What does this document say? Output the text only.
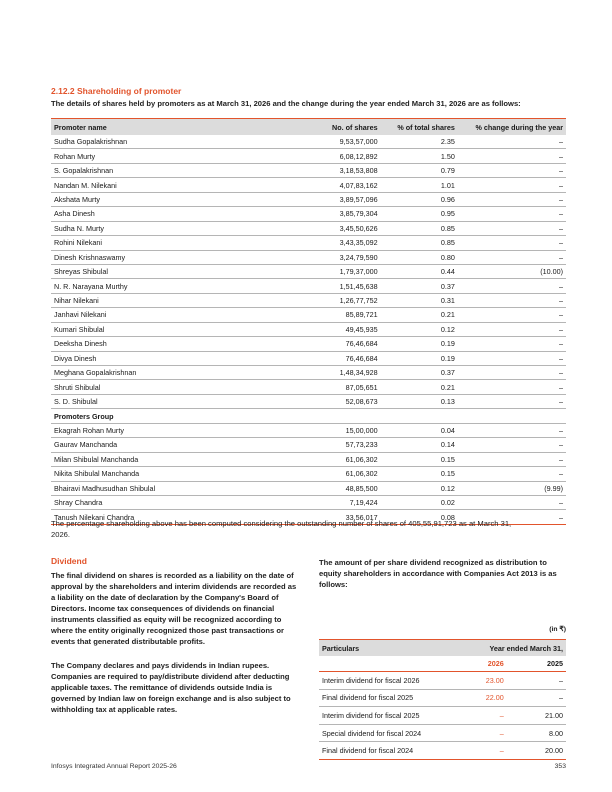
2.12.2 Shareholding of promoter
The details of shares held by promoters as at March 31, 2026 and the change during the year ended March 31, 2026 are as follows:
Promoter name	No. of shares	% of total shares	% change during the year
Sudha Gopalakrishnan	9,53,57,000	2.35	–
Rohan Murty	6,08,12,892	1.50	–
S. Gopalakrishnan	3,18,53,808	0.79	–
Nandan M. Nilekani	4,07,83,162	1.01	–
Akshata Murty	3,89,57,096	0.96	–
Asha Dinesh	3,85,79,304	0.95	–
Sudha N. Murty	3,45,50,626	0.85	–
Rohini Nilekani	3,43,35,092	0.85	–
Dinesh Krishnaswamy	3,24,79,590	0.80	–
Shreyas Shibulal	1,79,37,000	0.44	(10.00)
N. R. Narayana Murthy	1,51,45,638	0.37	–
Nihar Nilekani	1,26,77,752	0.31	–
Janhavi Nilekani	85,89,721	0.21	–
Kumari Shibulal	49,45,935	0.12	–
Deeksha Dinesh	76,46,684	0.19	–
Divya Dinesh	76,46,684	0.19	–
Meghana Gopalakrishnan	1,48,34,928	0.37	–
Shruti Shibulal	87,05,651	0.21	–
S. D. Shibulal	52,08,673	0.13	–
Promoters Group			
Ekagrah Rohan Murty	15,00,000	0.04	–
Gaurav Manchanda	57,73,233	0.14	–
Milan Shibulal Manchanda	61,06,302	0.15	–
Nikita Shibulal Manchanda	61,06,302	0.15	–
Bhairavi Madhusudhan Shibulal	48,85,500	0.12	(9.99)
Shray Chandra	7,19,424	0.02	–
Tanush Nilekani Chandra	33,56,017	0.08	–
The percentage shareholding above has been computed considering the outstanding number of shares of 405,55,91,723 as at March 31, 2026.
Dividend
The final dividend on shares is recorded as a liability on the date of approval by the shareholders and interim dividends are recorded as a liability on the date of declaration by the Company's Board of Directors. Income tax consequences of dividends on financial instruments classified as equity will be recognized according to where the entity originally recognized those past transactions or events that generated distributable profits.
The Company declares and pays dividends in Indian rupees. Companies are required to pay/distribute dividend after deducting applicable taxes. The remittance of dividends outside India is governed by Indian law on foreign exchange and is also subject to withholding tax at applicable rates.
The amount of per share dividend recognized as distribution to equity shareholders in accordance with Companies Act 2013 is as follows:
(in ₹)
Particulars	Year ended March 31,	
	2026	2025
Interim dividend for fiscal 2026	23.00	–
Final dividend for fiscal 2025	22.00	–
Interim dividend for fiscal 2025	–	21.00
Special dividend for fiscal 2024	–	8.00
Final dividend for fiscal 2024	–	20.00
Infosys Integrated Annual Report 2025-26	353
